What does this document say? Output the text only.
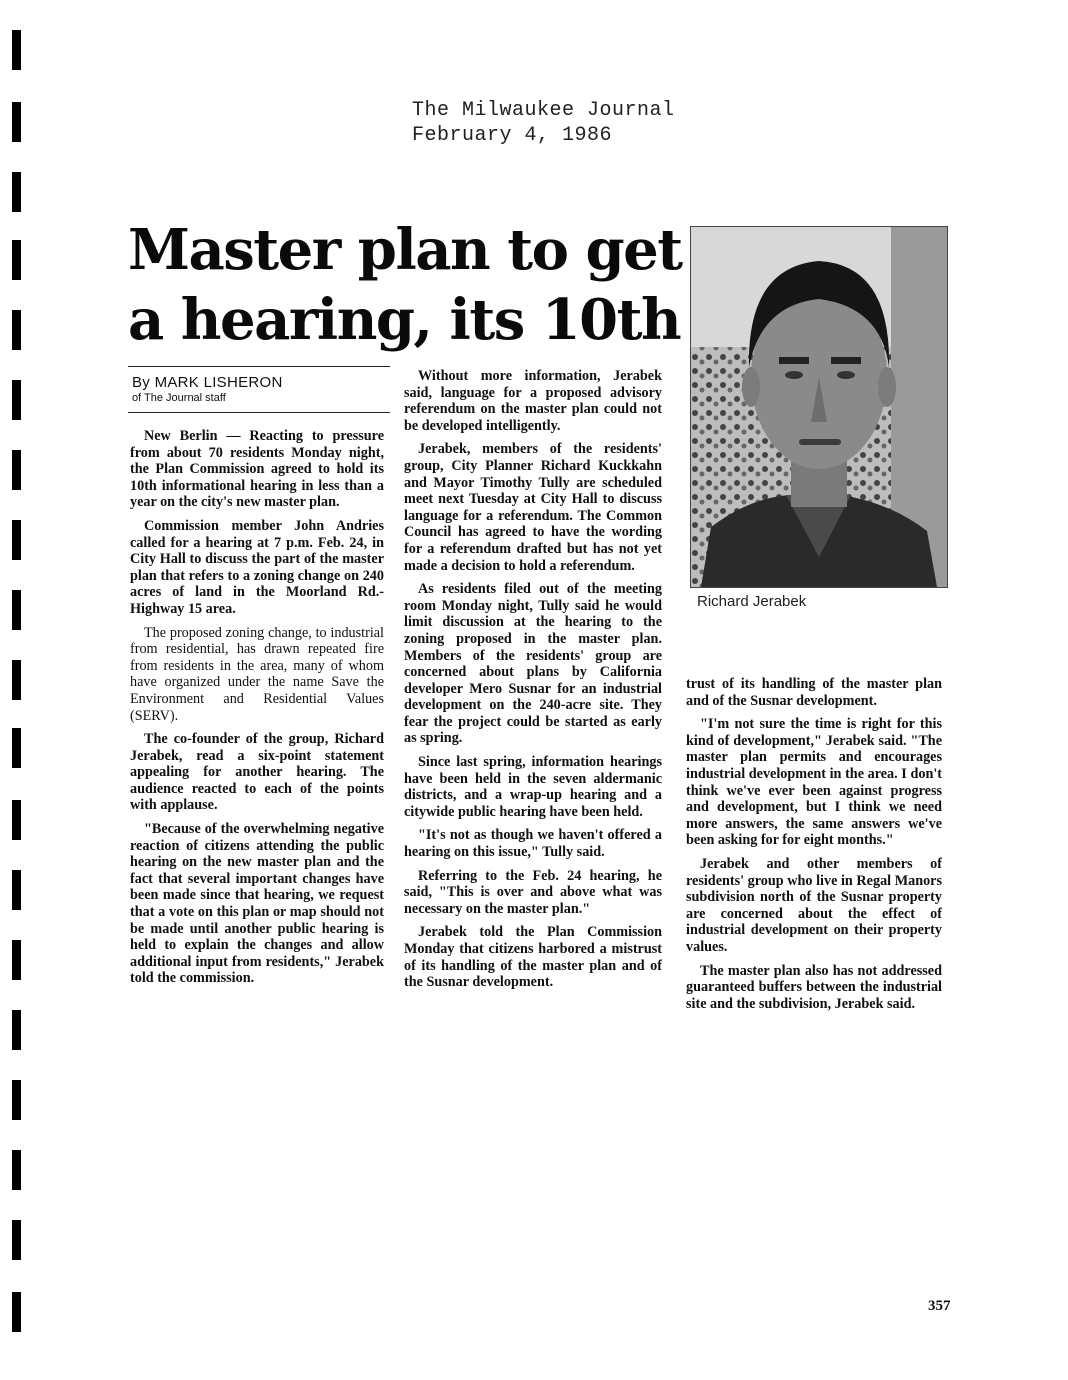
The Milwaukee Journal
February 4, 1986
Master plan to get
a hearing, its 10th
By MARK LISHERON
of The Journal staff

New Berlin — Reacting to pressure from about 70 residents Monday night, the Plan Commission agreed to hold its 10th informational hearing in less than a year on the city's new master plan.

Commission member John Andries called for a hearing at 7 p.m. Feb. 24, in City Hall to discuss the part of the master plan that refers to a zoning change on 240 acres of land in the Moorland Rd.-Highway 15 area.

The proposed zoning change, to industrial from residential, has drawn repeated fire from residents in the area, many of whom have organized under the name Save the Environment and Residential Values (SERV).

The co-founder of the group, Richard Jerabek, read a six-point statement appealing for another hearing. The audience reacted to each of the points with applause.

"Because of the overwhelming negative reaction of citizens attending the public hearing on the new master plan and the fact that several important changes have been made since that hearing, we request that a vote on this plan or map should not be made until another public hearing is held to explain the changes and allow additional input from residents," Jerabek told the commission.

Without more information, Jerabek said, language for a proposed advisory referendum on the master plan could not be developed intelligently.

Jerabek, members of the residents' group, City Planner Richard Kuckkahn and Mayor Timothy Tully are scheduled meet next Tuesday at City Hall to discuss language for a referendum. The Common Council has agreed to have the wording for a referendum drafted but has not yet made a decision to hold a referendum.

As residents filed out of the meeting room Monday night, Tully said he would limit discussion at the hearing to the zoning proposed in the master plan. Members of the residents' group are concerned about plans by California developer Mero Susnar for an industrial development on the 240-acre site. They fear the project could be started as early as spring.

Since last spring, information hearings have been held in the seven aldermanic districts, and a wrap-up hearing and a citywide public hearing have been held.

"It's not as though we haven't offered a hearing on this issue," Tully said.

Referring to the Feb. 24 hearing, he said, "This is over and above what was necessary on the master plan."

Jerabek told the Plan Commission Monday that citizens harbored a mistrust of its handling of the master plan and of the Susnar development.

Richard Jerabek

trust of its handling of the master plan and of the Susnar development.

"I'm not sure the time is right for this kind of development," Jerabek said. "The master plan permits and encourages industrial development in the area. I don't think we've ever been against progress and development, but I think we need more answers, the same answers we've been asking for for eight months."

Jerabek and other members of residents' group who live in Regal Manors subdivision north of the Susnar property are concerned about the effect of industrial development on their property values.

The master plan also has not addressed guaranteed buffers between the industrial site and the subdivision, Jerabek said.

357
